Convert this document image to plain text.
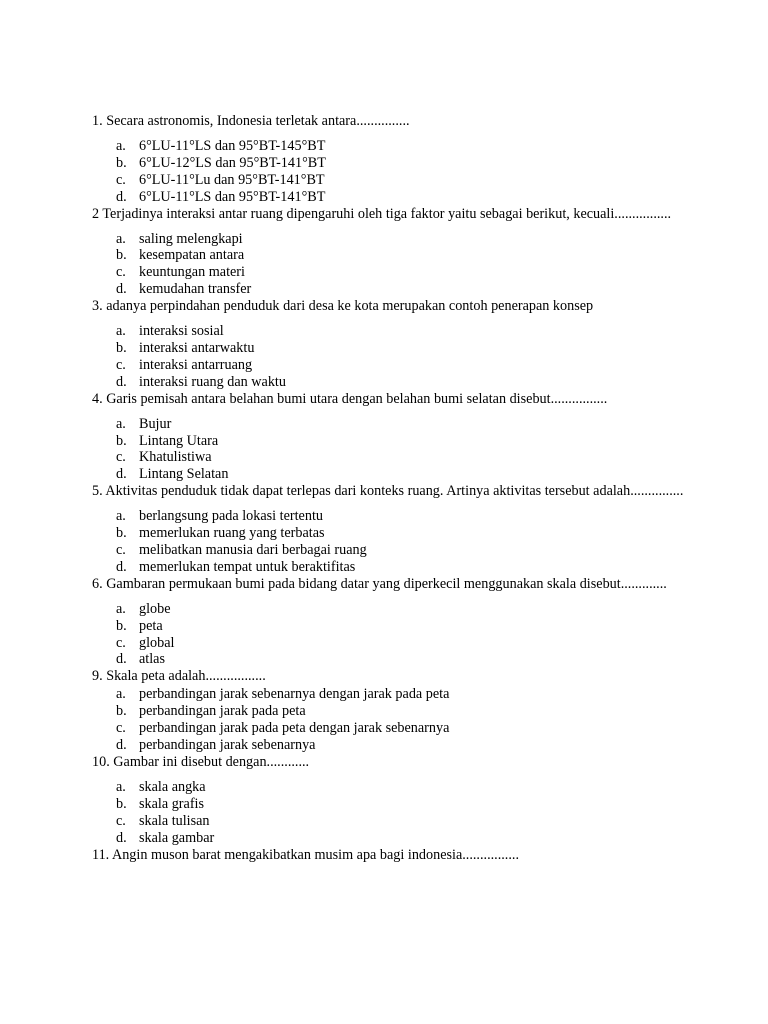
1. Secara astronomis, Indonesia terletak antara...............

a. 6°LU-11°LS dan 95°BT-145°BT
b. 6°LU-12°LS dan 95°BT-141°BT
c. 6°LU-11°Lu dan 95°BT-141°BT
d. 6°LU-11°LS dan 95°BT-141°BT

2 Terjadinya interaksi antar ruang dipengaruhi oleh tiga faktor yaitu sebagai berikut, kecuali................

a. saling melengkapi
b. kesempatan antara
c. keuntungan materi
d. kemudahan transfer

3. adanya perpindahan penduduk dari desa ke kota merupakan contoh penerapan konsep

a. interaksi sosial
b. interaksi antarwaktu
c. interaksi antarruang
d. interaksi ruang dan waktu

4. Garis pemisah antara belahan bumi utara dengan belahan bumi selatan disebut................

a. Bujur
b. Lintang Utara
c. Khatulistiwa
d. Lintang Selatan

5. Aktivitas penduduk tidak dapat terlepas dari konteks ruang. Artinya aktivitas tersebut adalah...............

a. berlangsung pada lokasi tertentu
b. memerlukan ruang yang terbatas
c. melibatkan manusia dari berbagai ruang
d. memerlukan tempat untuk beraktifitas

6. Gambaran permukaan bumi pada bidang datar yang diperkecil menggunakan skala disebut.............

a. globe
b. peta
c. global
d. atlas

9. Skala peta adalah.................

a. perbandingan jarak sebenarnya dengan jarak pada peta
b. perbandingan jarak pada peta
c. perbandingan jarak pada peta dengan jarak sebenarnya
d. perbandingan jarak sebenarnya

10. Gambar ini disebut dengan............

a. skala angka
b. skala grafis
c. skala tulisan
d. skala gambar

11. Angin muson barat mengakibatkan musim apa bagi indonesia................
